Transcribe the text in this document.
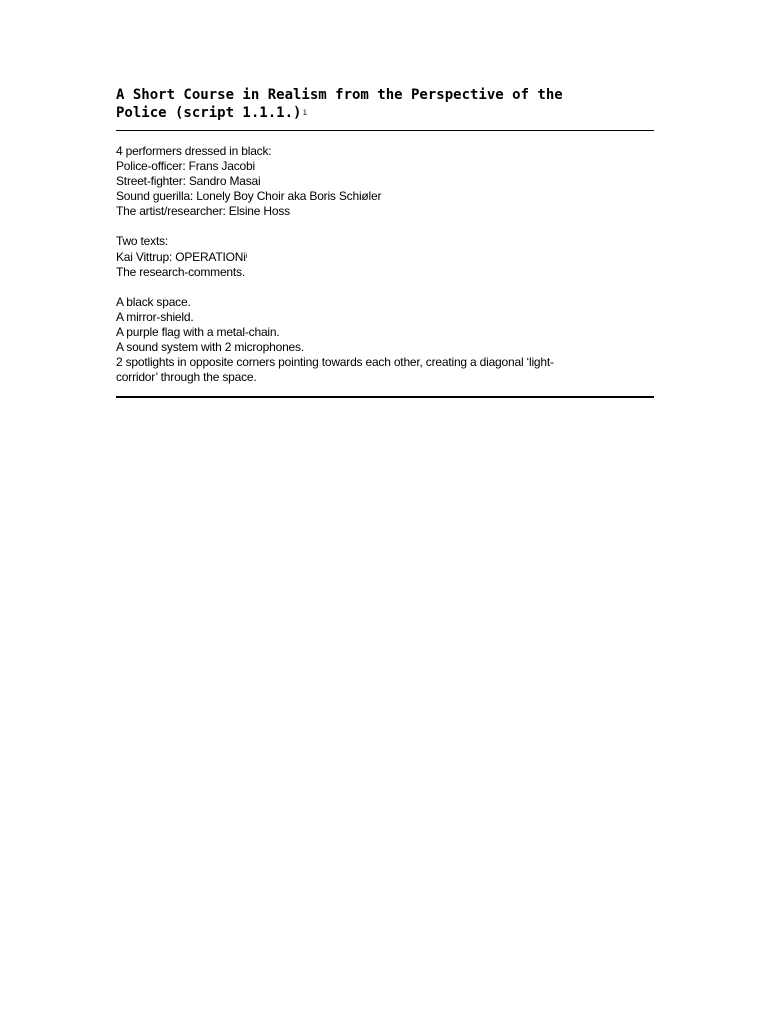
A Short Course in Realism from the Perspective of the
Police (script 1.1.1.)$^i$

4 performers dressed in black:
Police-officer: Frans Jacobi
Street-fighter: Sandro Masai
Sound guerilla: Lonely Boy Choir aka Boris Schiøler
The artist/researcher: Elsine Hoss

Two texts:
Kai Vittrup: OPERATIONi$^i$
The research-comments.

A black space.
A mirror-shield.
A purple flag with a metal-chain.
A sound system with 2 microphones.
2 spotlights in opposite corners pointing towards each other, creating a diagonal ‘light-
corridor’ through the space.
